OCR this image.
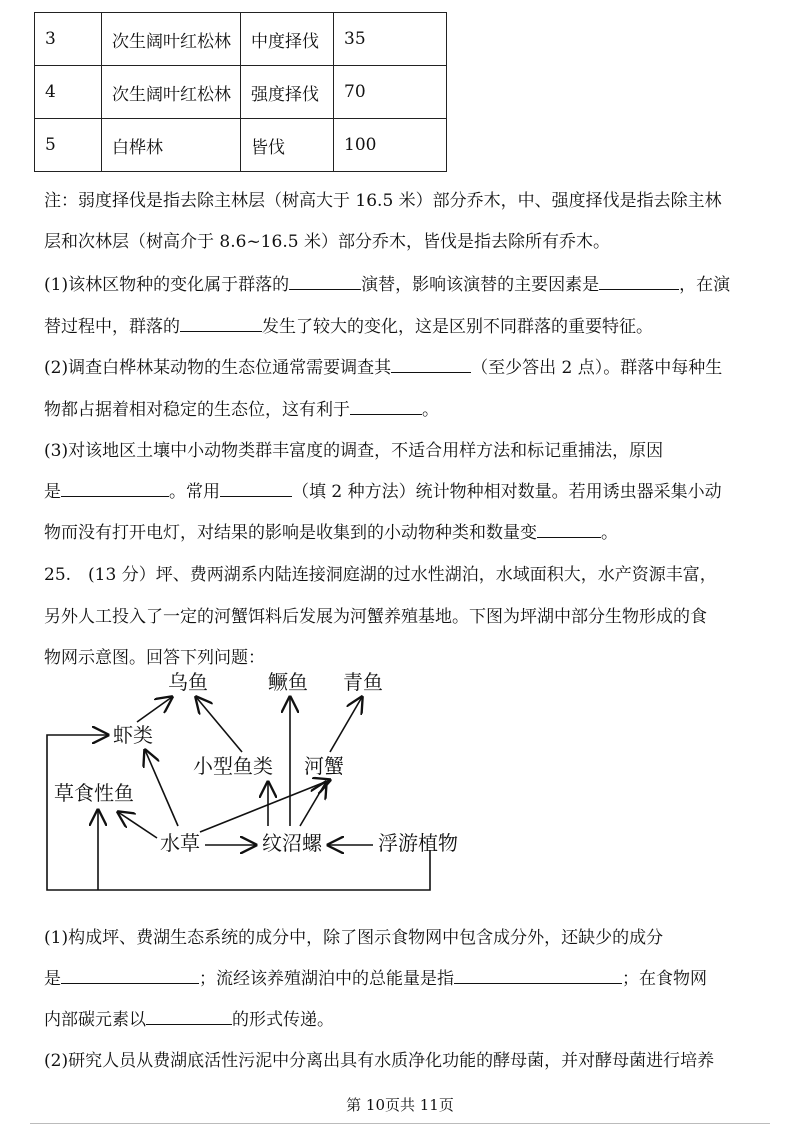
3	次生阔叶红松林	中度择伐	35
4	次生阔叶红松林	强度择伐	70
5	白桦林	皆伐	100
注：弱度择伐是指去除主林层（树高大于 16.5 米）部分乔木，中、强度择伐是指去除主林
层和次林层（树高介于 8.6~16.5 米）部分乔木，皆伐是指去除所有乔木。
(1)该林区物种的变化属于群落的	演替，影响该演替的主要因素是	，在演
替过程中，群落的	发生了较大的变化，这是区别不同群落的重要特征。
(2)调查白桦林某动物的生态位通常需要调查其	（至少答出 2 点）。群落中每种生
物都占据着相对稳定的生态位，这有利于	。
(3)对该地区土壤中小动物类群丰富度的调查，不适合用样方法和标记重捕法，原因
是	。常用	（填 2 种方法）统计物种相对数量。若用诱虫器采集小动
物而没有打开电灯，对结果的影响是收集到的小动物种类和数量变	。
25.　(13 分）坪、费两湖系内陆连接洞庭湖的过水性湖泊，水域面积大，水产资源丰富，
另外人工投入了一定的河蟹饵料后发展为河蟹养殖基地。下图为坪湖中部分生物形成的食
物网示意图。回答下列问题：
乌鱼	鳜鱼 青鱼
虾类
小型鱼类 河蟹
草食性鱼
水草	纹沼螺	浮游植物
(1)构成坪、费湖生态系统的成分中，除了图示食物网中包含成分外，还缺少的成分
是	；流经该养殖湖泊中的总能量是指	；在食物网
内部碳元素以	的形式传递。
(2)研究人员从费湖底活性污泥中分离出具有水质净化功能的酵母菌，并对酵母菌进行培养
第 10页共 11页
